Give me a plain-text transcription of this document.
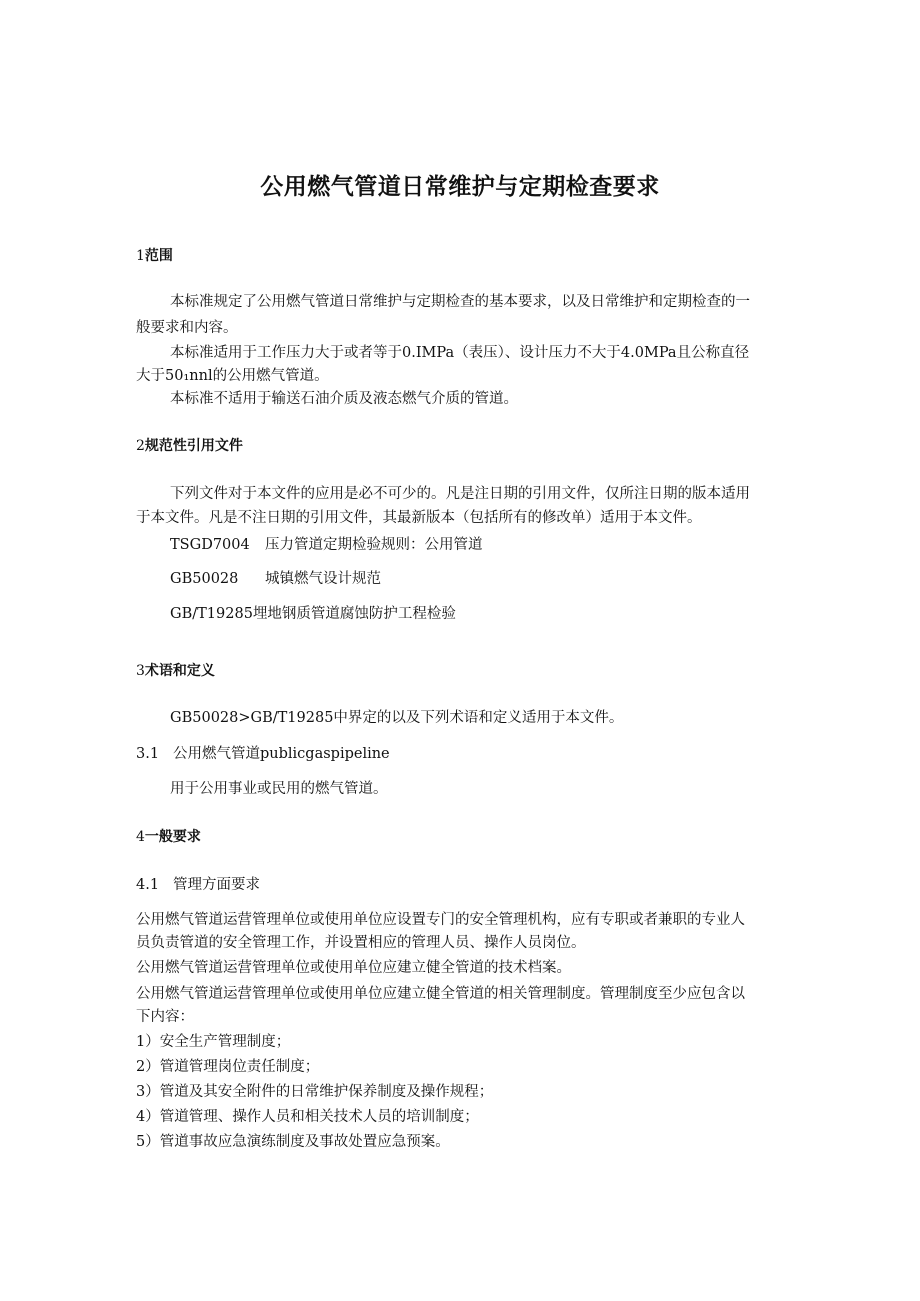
公用燃气管道日常维护与定期检查要求
1范围
本标准规定了公用燃气管道日常维护与定期检查的基本要求，以及日常维护和定期检查的一
般要求和内容。
本标准适用于工作压力大于或者等于0.IMPa（表压）、设计压力不大于4.0MPa且公称直径
大于50₁nnl的公用燃气管道。
本标准不适用于输送石油介质及液态燃气介质的管道。
2规范性引用文件
下列文件对于本文件的应用是必不可少的。凡是注日期的引用文件，仅所注日期的版本适用
于本文件。凡是不注日期的引用文件，其最新版本（包括所有的修改单）适用于本文件。
TSGD7004 压力管道定期检验规则：公用管道
GB50028 城镇燃气设计规范
GB/T19285埋地钢质管道腐蚀防护工程检验
3术语和定义
GB50028>GB/T19285中界定的以及下列术语和定义适用于本文件。
3.1 公用燃气管道publicgaspipeline
用于公用事业或民用的燃气管道。
4一般要求
4.1 管理方面要求
公用燃气管道运营管理单位或使用单位应设置专门的安全管理机构，应有专职或者兼职的专业人
员负责管道的安全管理工作，并设置相应的管理人员、操作人员岗位。
公用燃气管道运营管理单位或使用单位应建立健全管道的技术档案。
公用燃气管道运营管理单位或使用单位应建立健全管道的相关管理制度。管理制度至少应包含以
下内容：
1）安全生产管理制度；
2）管道管理岗位责任制度；
3）管道及其安全附件的日常维护保养制度及操作规程；
4）管道管理、操作人员和相关技术人员的培训制度；
5）管道事故应急演练制度及事故处置应急预案。
